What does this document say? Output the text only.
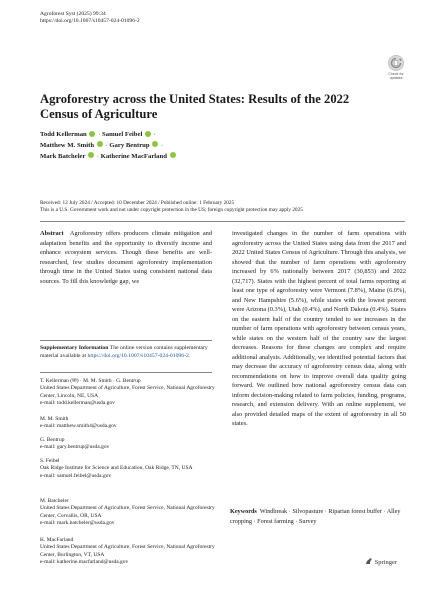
Agroforest Syst (2025) 99:34
https://doi.org/10.1007/s10457-024-01096-2
Check for updates
Agroforestry across the United States: Results of the 2022 Census of Agriculture
Todd Kellerman · Samuel Feibel ·
Matthew M. Smith · Gary Bentrup ·
Mark Batcheler · Katherine MacFarland
Received: 12 July 2024 / Accepted: 10 December 2024 / Published online: 1 February 2025
This is a U.S. Government work and not under copyright protection in the US; foreign copyright protection may apply 2025

Abstract Agroforestry offers producers climate mitigation and adaptation benefits and the opportunity to diversify income and enhance ecosystem services. Though these benefits are well-researched, few studies document agroforestry implementation through time in the United States using consistent national data sources. To fill this knowledge gap, we

investigated changes in the number of farm operations with agroforestry across the United States using data from the 2017 and 2022 United States Census of Agriculture. Through this analysis, we showed that the number of farm operations with agroforestry increased by 6% nationally between 2017 (30,853) and 2022 (32,717). States with the highest percent of total farms reporting at least one type of agroforestry were Vermont (7.8%), Maine (6.0%), and New Hampshire (5.6%), while states with the lowest percent were Arizona (0.3%), Utah (0.4%), and North Dakota (0.4%). States on the eastern half of the country tended to see increases in the number of farm operations with agroforestry between census years, while states on the western half of the country saw the largest decreases. Reasons for these changes are complex and require additional analysis. Additionally, we identified potential factors that may decrease the accuracy of agroforestry census data, along with recommendations on how to improve overall data quality going forward. We outlined how national agroforestry census data can inform decision-making related to farm policies, funding, programs, research, and extension delivery. With an online supplement, we also provided detailed maps of the extent of agroforestry in all 50 states.

Supplementary Information The online version contains supplementary material available at https://doi.org/10.1007/s10457-024-01096-2.
T. Kellerman (✉) · M. M. Smith · G. Bentrup
United States Department of Agriculture, Forest Service, National Agroforestry Center, Lincoln, NE, USA
e-mail: todd.kellerman@usda.gov
M. M. Smith
e-mail: matthew.smith4@usda.gov
G. Bentrup
e-mail: gary.bentrup@usda.gov
S. Feibel
Oak Ridge Institute for Science and Education, Oak Ridge, TN, USA
e-mail: samuel.feibel@usda.gov
M. Batcheler
United States Department of Agriculture, Forest Service, National Agroforestry Center, Corvallis, OR, USA
e-mail: mark.batcheler@usda.gov
K. MacFarland
United States Department of Agriculture, Forest Service, National Agroforestry Center, Burlington, VT, USA
e-mail: katherine.macfarland@usda.gov
Keywords Windbreak · Silvopasture · Riparian forest buffer · Alley cropping · Forest farming · Survey
Springer
